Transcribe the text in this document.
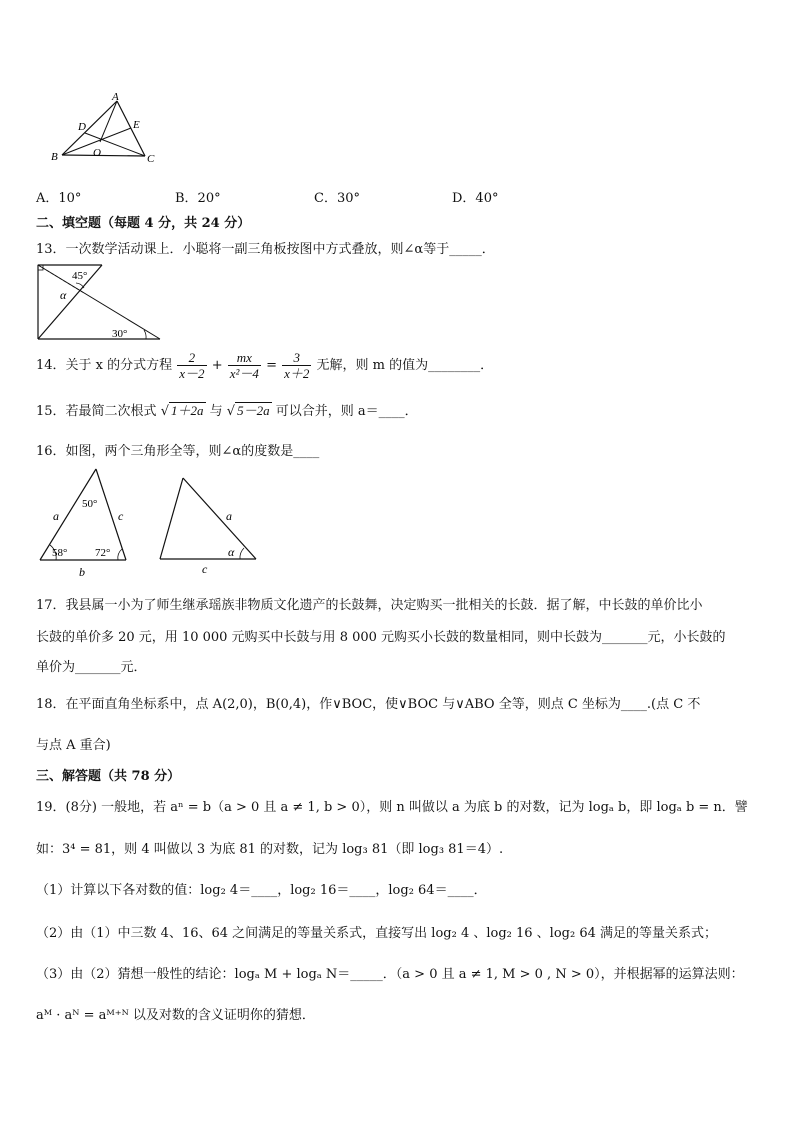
A
B	C
D	E
O
A．10°	B．20°	C．30°	D．40°
二、填空题（每题 4 分，共 24 分）
13．一次数学活动课上．小聪将一副三角板按图中方式叠放，则∠α等于_____．
45°
α
30°
14．关于 x 的分式方程 $\frac{2}{x-2} + \frac{mx}{\text{x²－4}} = \frac{3}{x+2}$ 无解，则 m 的值为________．
15．若最简二次根式 √ 1＋2a 与 √ 5－2a 可以合并，则 a＝____．
16．如图，两个三角形全等，则∠α的度数是____
50°
58°	72°
a	c
b
a
c
α
17．我县属一小为了师生继承瑶族非物质文化遗产的长鼓舞，决定购买一批相关的长鼓．据了解，中长鼓的单价比小
长鼓的单价多 20 元，用 10 000 元购买中长鼓与用 8 000 元购买小长鼓的数量相同，则中长鼓为_______元，小长鼓的
单价为_______元．
18．在平面直角坐标系中，点 A(2,0)，B(0,4)，作∨BOC，使∨BOC 与∨ABO 全等，则点 C 坐标为____.(点 C 不
与点 A 重合)
三、解答题（共 78 分）
19．(8分) 一般地，若 aⁿ = b（a > 0 且 a ≠ 1, b > 0），则 n 叫做以 a 为底 b 的对数，记为 logₐ b，即 logₐ b = n．譬
如：3⁴ = 81，则 4 叫做以 3 为底 81 的对数，记为 log₃ 81（即 log₃ 81＝4）.
（1）计算以下各对数的值：log₂ 4＝____，log₂ 16＝____，log₂ 64＝____．
（2）由（1）中三数 4、16、64 之间满足的等量关系式，直接写出 log₂ 4 、log₂ 16 、log₂ 64 满足的等量关系式；
（3）由（2）猜想一般性的结论：logₐ M + logₐ N＝_____．（a > 0 且 a ≠ 1, M > 0 , N > 0），并根据幂的运算法则：
aᴹ · aᴺ = aᴹ⁺ᴺ 以及对数的含义证明你的猜想．
